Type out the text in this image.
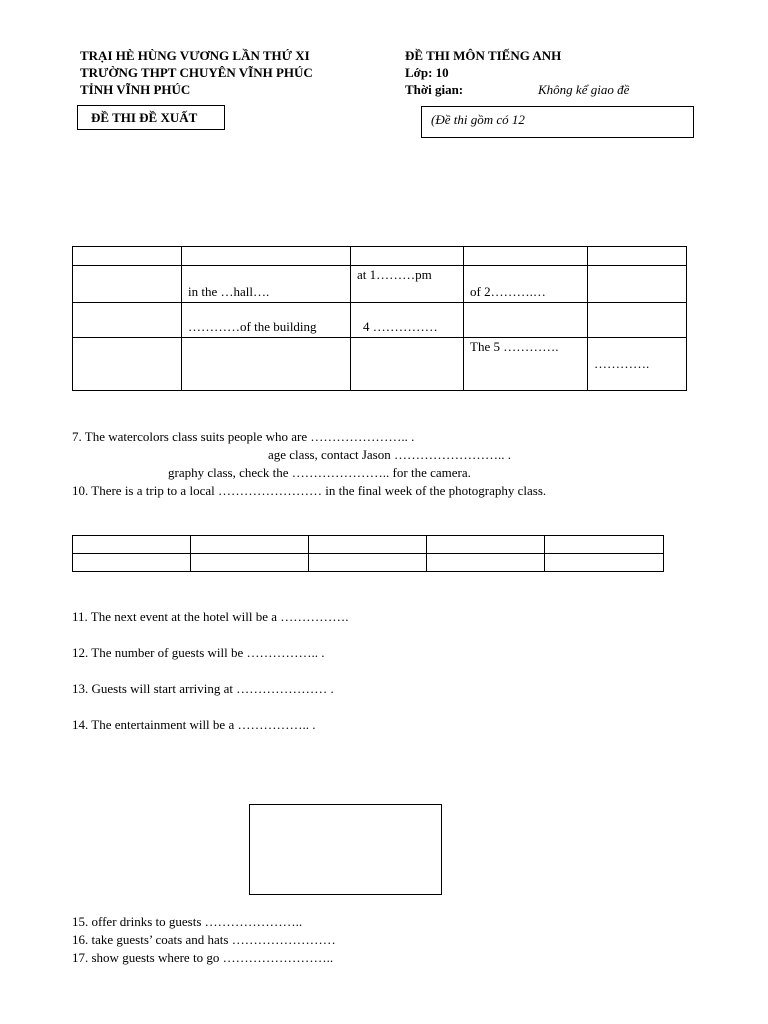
TRẠI HÈ HÙNG VƯƠNG LẦN THỨ XI
TRƯỜNG THPT CHUYÊN VĨNH PHÚC
TỈNH VĨNH PHÚC
ĐỀ THI ĐỀ XUẤT
ĐỀ THI MÔN TIẾNG ANH
Lớp: 10
Thời gian:	Không kể giao đề
(Đề thi gồm có 12

	in the …hall….	at 1………pm	of 2……….…	

	…………of the building	4 ……………		

			The 5 ………….	………….
7. The watercolors class suits people who are ………………….. .
age class, contact Jason …………………….. .
graphy class, check the ………………….. for the camera.
10. There is a trip to a local …………………… in the final week of the photography class.

11. The next event at the hotel will be a …………….
12. The number of guests will be …………….. .
13. Guests will start arriving at ………………… .
14. The entertainment will be a …………….. .
15. offer drinks to guests …………………..
16. take guests’ coats and hats ……………………
17. show guests where to go ……………………..
